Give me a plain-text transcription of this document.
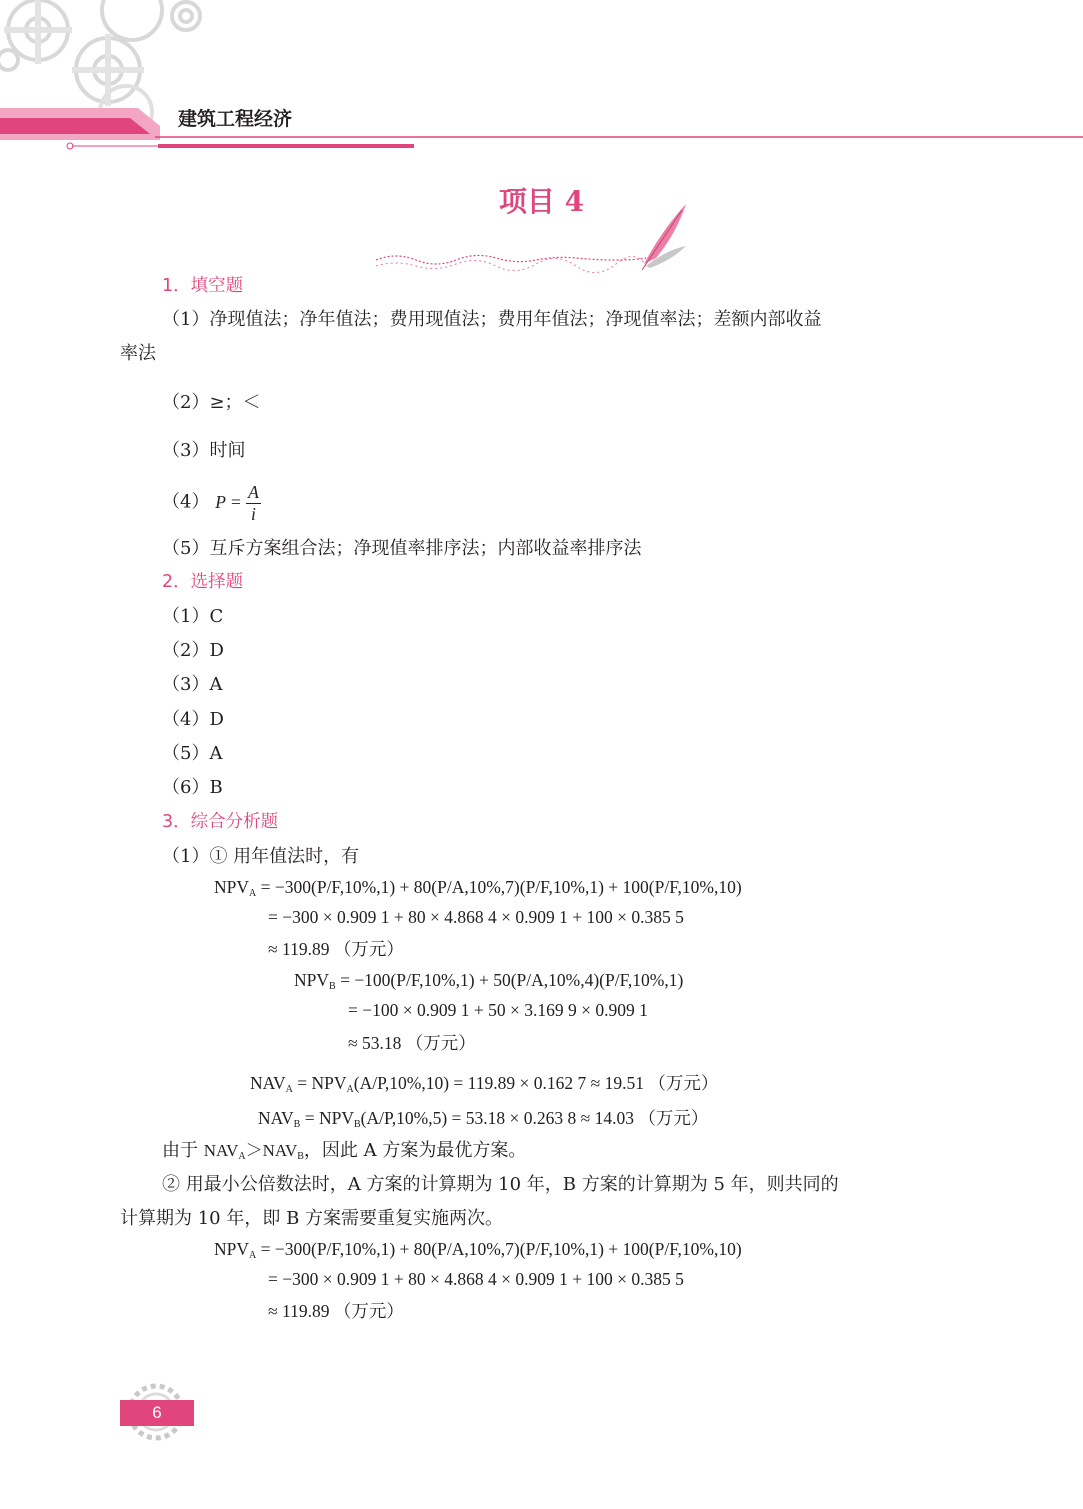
建筑工程经济
项目 4
1．填空题
（1）净现值法；净年值法；费用现值法；费用年值法；净现值率法；差额内部收益
率法
（2）≥；＜
（3）时间
（4） $P = \frac{A}{i}$
（5）互斥方案组合法；净现值率排序法；内部收益率排序法
2．选择题
（1）C
（2）D
（3）A
（4）D
（5）A
（6）B
3．综合分析题
（1）① 用年值法时，有
$NPV_A = -300(P/F,10\%,1) + 80(P/A,10\%,7)(P/F,10\%,1) + 100(P/F,10\%,10)$
= −300 × 0.909 1 + 80 × 4.868 4 × 0.909 1 + 100 × 0.385 5
≈ 119.89 （万元）
$NPV_B = -100(P/F,10\%,1) + 50(P/A,10\%,4)(P/F,10\%,1)$
= −100 × 0.909 1 + 50 × 3.169 9 × 0.909 1
≈ 53.18 （万元）
$NAV_A = NPV_A(A/P,10\%,10) = 119.89 \times 0.162$ 7 ≈ 19.51 （万元）
$NAV_B = NPV_B(A/P,10\%,5) = 53.18 \times 0.263$ 8 ≈ 14.03 （万元）
由于 $NAV_A>NAV_B$，因此 A 方案为最优方案。
② 用最小公倍数法时，A 方案的计算期为 10 年，B 方案的计算期为 5 年，则共同的
计算期为 10 年，即 B 方案需要重复实施两次。
$NPV_A = -300(P/F,10\%,1) + 80(P/A,10\%,7)(P/F,10\%,1) + 100(P/F,10\%,10)$
= −300 × 0.909 1 + 80 × 4.868 4 × 0.909 1 + 100 × 0.385 5
≈ 119.89 （万元）
6
